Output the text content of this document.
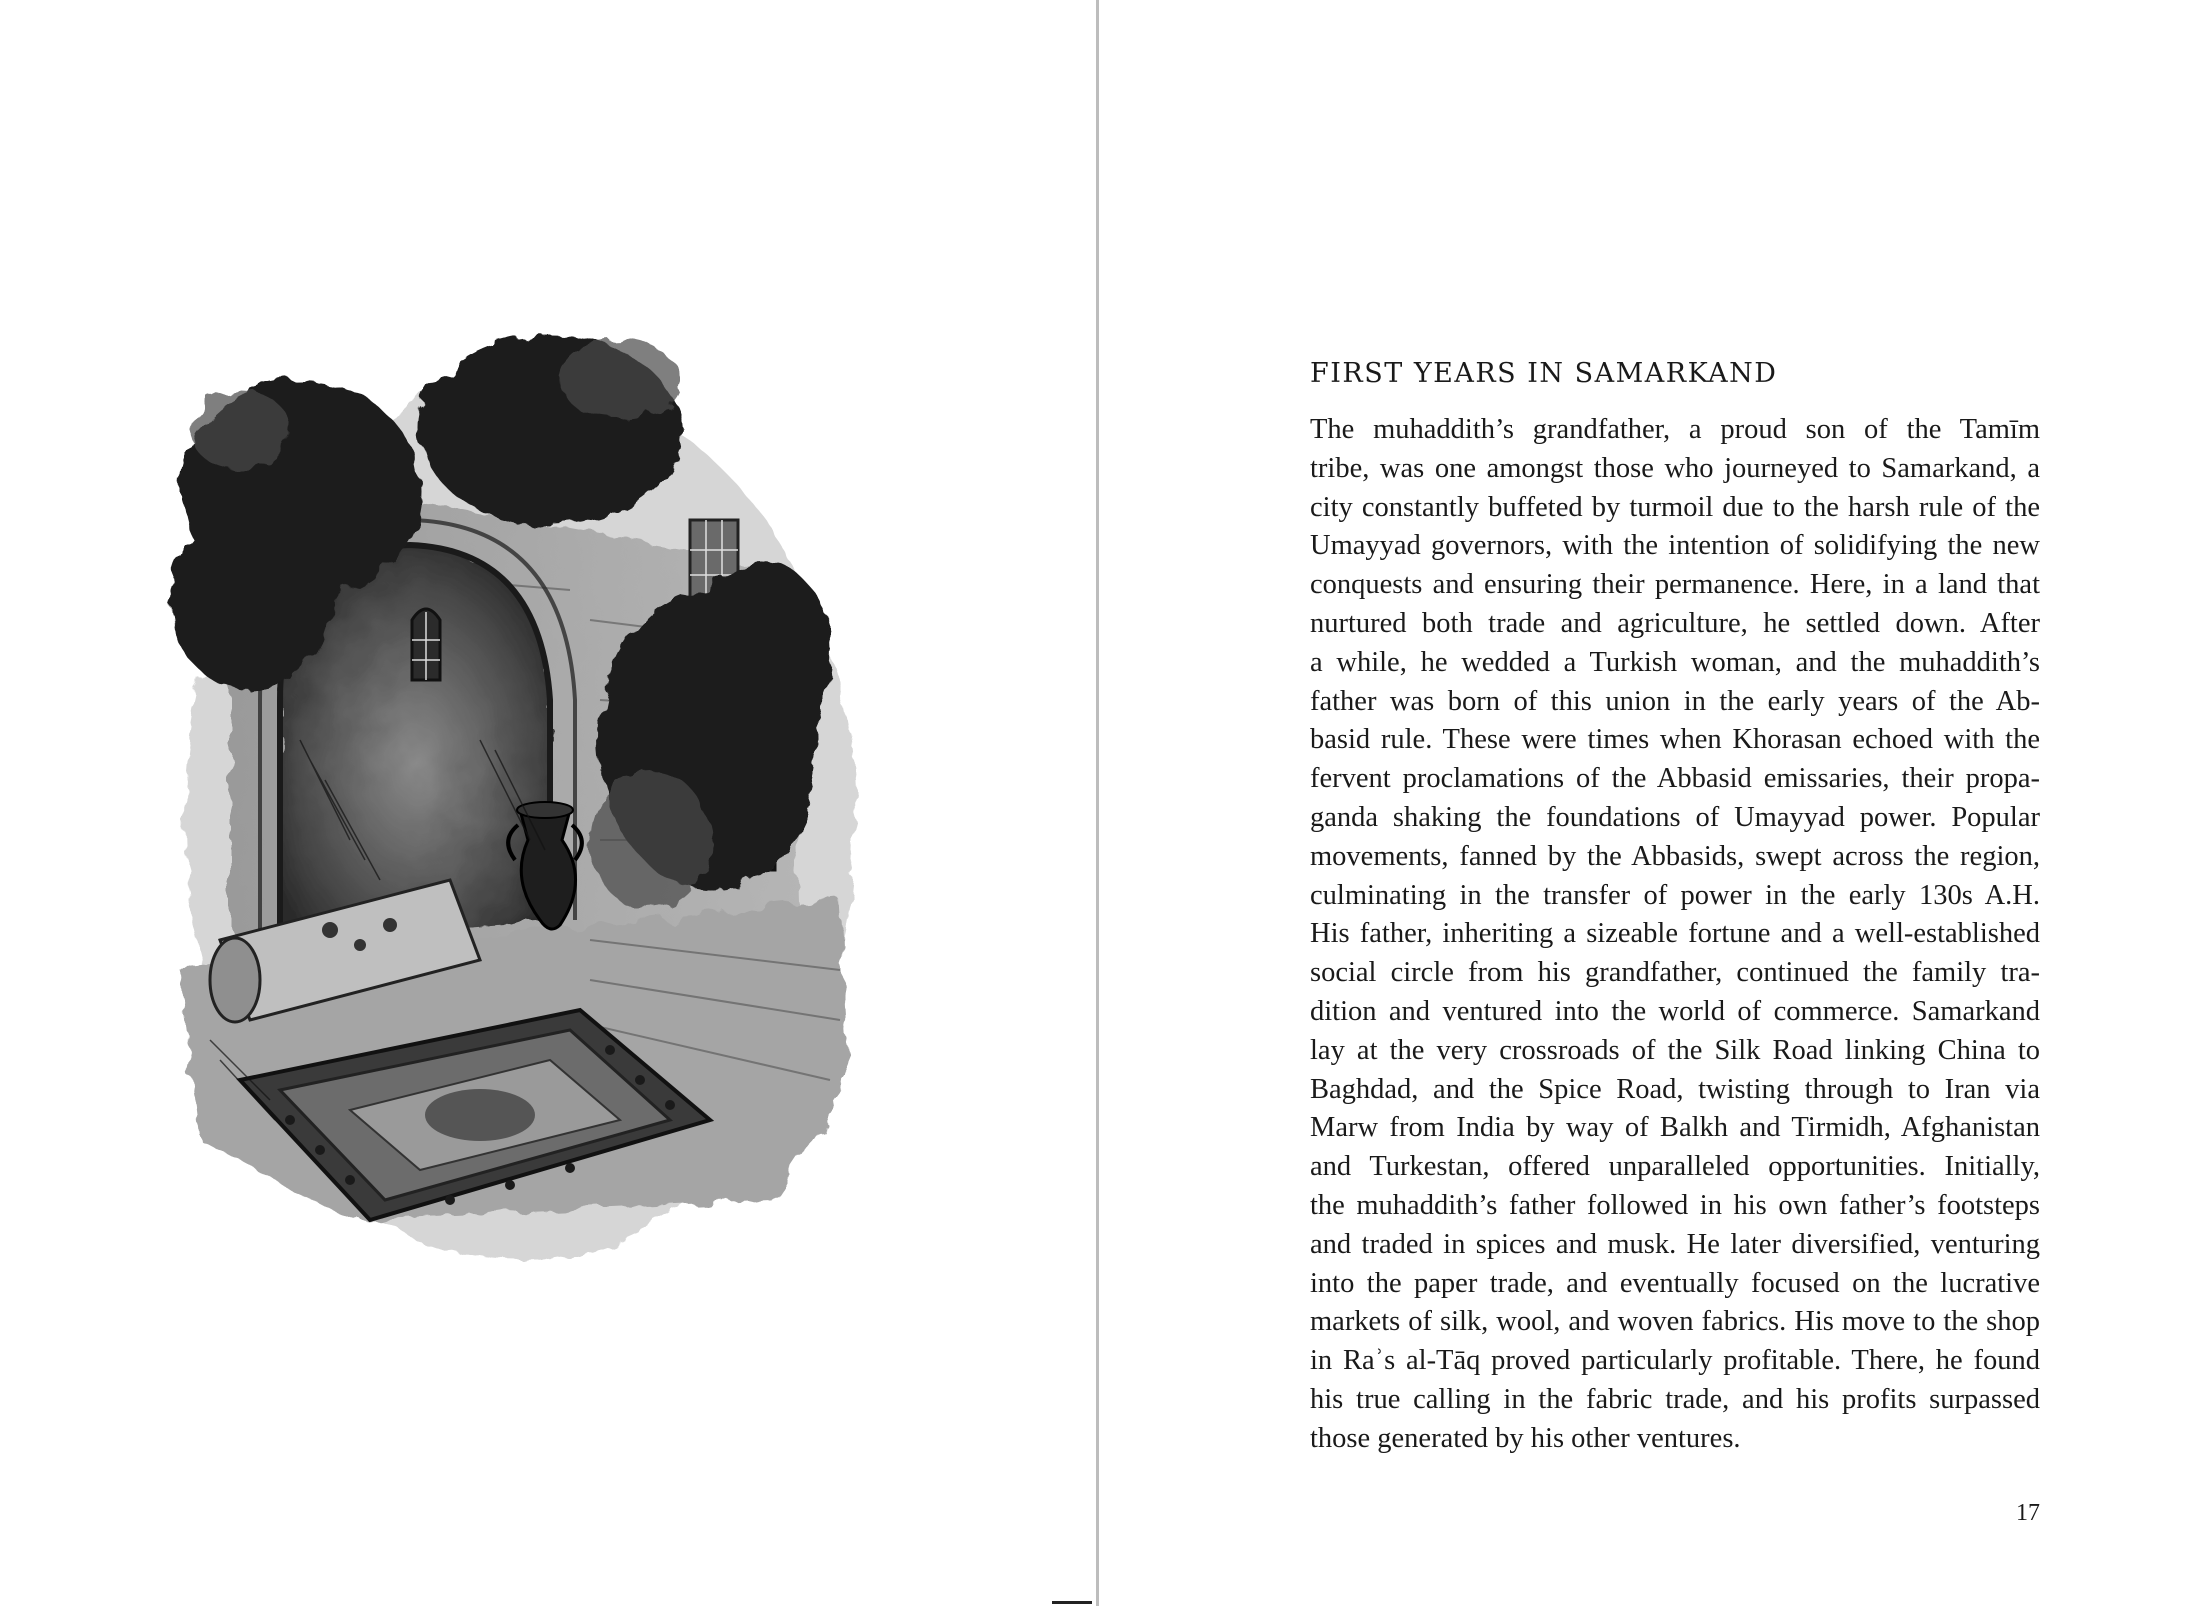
FIRST YEARS IN SAMARKAND
The muhaddith’s grandfather, a proud son of the Tamīm
tribe, was one amongst those who journeyed to Samarkand, a
city constantly buffeted by turmoil due to the harsh rule of the
Umayyad governors, with the intention of solidifying the new
conquests and ensuring their permanence. Here, in a land that
nurtured both trade and agriculture, he settled down. After
a while, he wedded a Turkish woman, and the muhaddith’s
father was born of this union in the early years of the Ab-
basid rule. These were times when Khorasan echoed with the
fervent proclamations of the Abbasid emissaries, their propa-
ganda shaking the foundations of Umayyad power. Popular
movements, fanned by the Abbasids, swept across the region,
culminating in the transfer of power in the early 130s A.H.
His father, inheriting a sizeable fortune and a well-established
social circle from his grandfather, continued the family tra-
dition and ventured into the world of commerce. Samarkand
lay at the very crossroads of the Silk Road linking China to
Baghdad, and the Spice Road, twisting through to Iran via
Marw from India by way of Balkh and Tirmidh, Afghanistan
and Turkestan, offered unparalleled opportunities. Initially,
the muhaddith’s father followed in his own father’s footsteps
and traded in spices and musk. He later diversified, venturing
into the paper trade, and eventually focused on the lucrative
markets of silk, wool, and woven fabrics. His move to the shop
in Raʾs al-Tāq proved particularly profitable. There, he found
his true calling in the fabric trade, and his profits surpassed
those generated by his other ventures.
17
